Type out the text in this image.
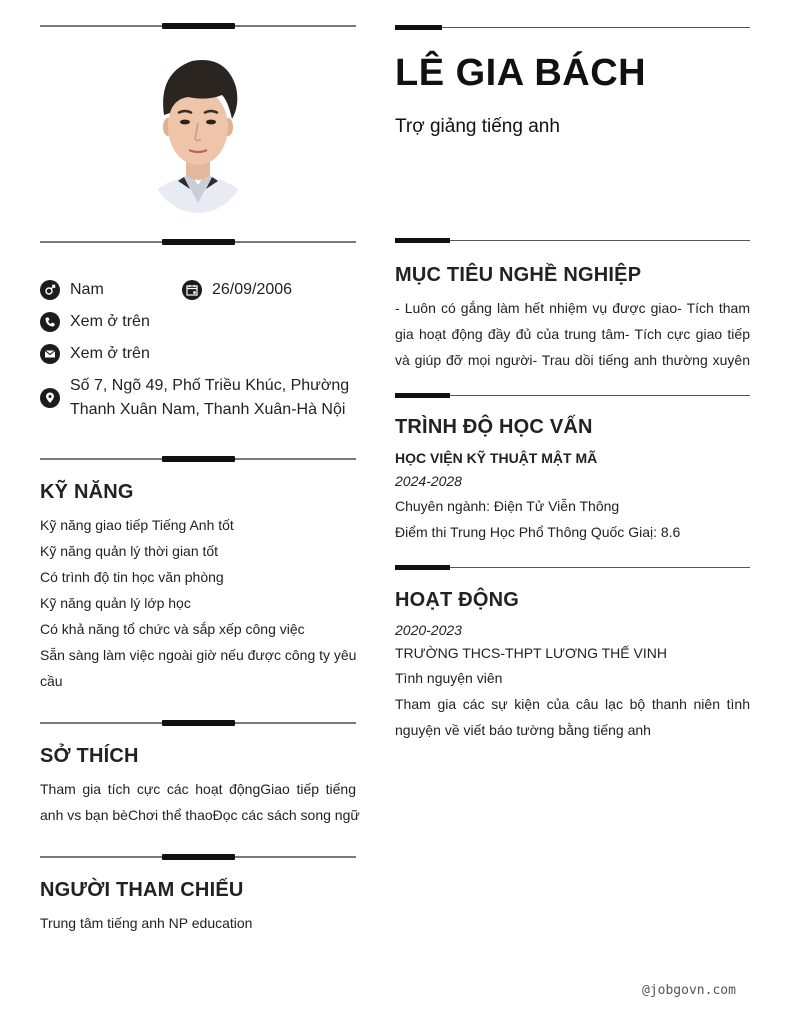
Nam	26/09/2006
Xem ở trên
Xem ở trên
Số 7, Ngõ 49, Phố Triều Khúc, Phường
Thanh Xuân Nam, Thanh Xuân-Hà Nội
KỸ NĂNG
Kỹ năng giao tiếp Tiếng Anh tốt
Kỹ năng quản lý thời gian tốt
Có trình độ tin học văn phòng
Kỹ năng quản lý lớp học
Có khả năng tổ chức và sắp xếp công việc
Sẵn sàng làm việc ngoài giờ nếu được công ty yêu
cầu
SỞ THÍCH
Tham gia tích cực các hoạt độngGiao tiếp tiếng
anh vs bạn bèChơi thể thaoĐọc các sách song ngữ
NGƯỜI THAM CHIẾU
Trung tâm tiếng anh NP education
LÊ GIA BÁCH
Trợ giảng tiếng anh
MỤC TIÊU NGHỀ NGHIỆP
- Luôn có gắng làm hết nhiệm vụ được giao- Tích tham
gia hoạt động đầy đủ của trung tâm- Tích cực giao tiếp
và giúp đỡ mọi người- Trau dồi tiếng anh thường xuyên
TRÌNH ĐỘ HỌC VẤN
HỌC VIỆN KỸ THUẬT MẬT MÃ
2024-2028
Chuyên ngành: Điện Tử Viễn Thông
Điểm thi Trung Học Phổ Thông Quốc Giaị: 8.6
HOẠT ĐỘNG
2020-2023
TRƯỜNG THCS-THPT LƯƠNG THẾ VINH
Tình nguyện viên
Tham gia các sự kiện của câu lạc bộ thanh niên tình
nguyện về viết báo tường bằng tiếng anh
@jobgovn.com
